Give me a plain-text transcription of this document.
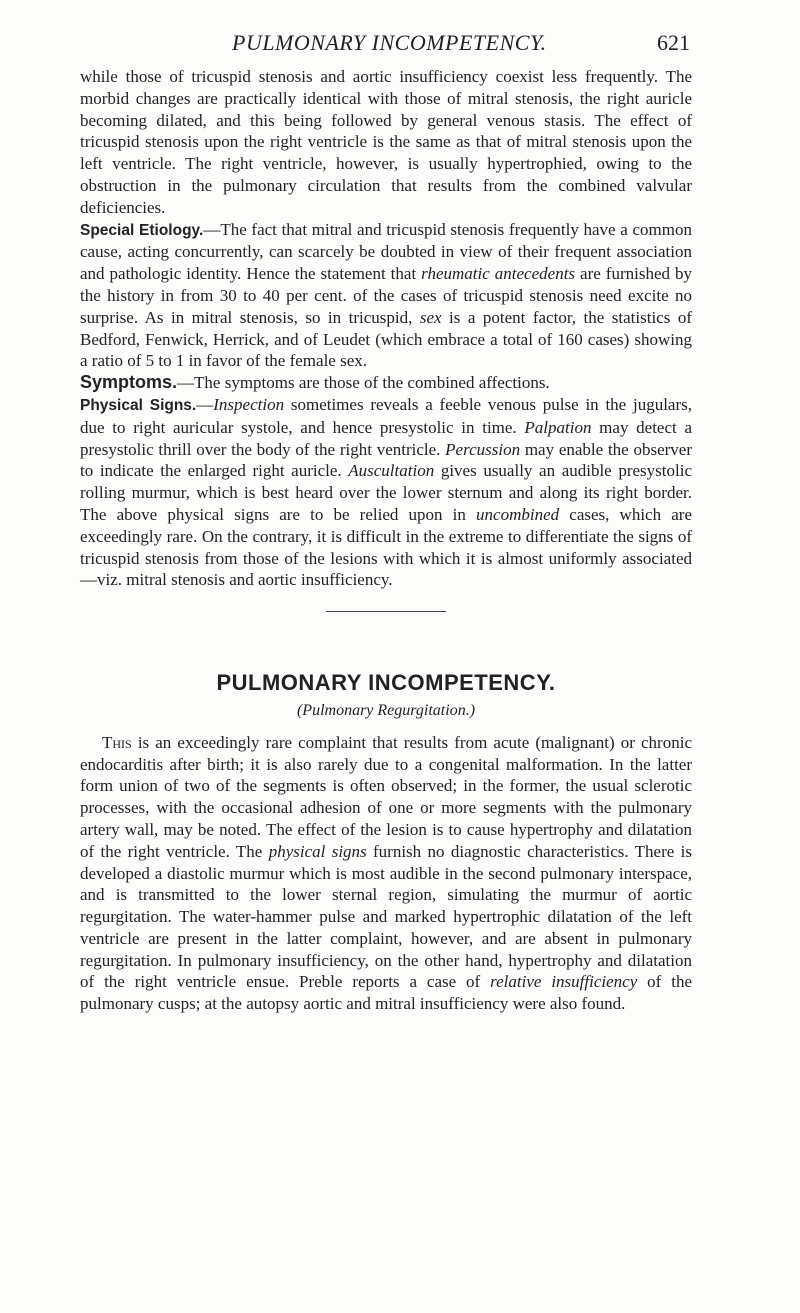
PULMONARY INCOMPETENCY.	621

while those of tricuspid stenosis and aortic insufficiency coexist less frequently. The morbid changes are practically identical with those of mitral stenosis, the right auricle becoming dilated, and this being followed by general venous stasis. The effect of tricuspid stenosis upon the right ventricle is the same as that of mitral stenosis upon the left ventricle. The right ventricle, however, is usually hypertrophied, owing to the obstruction in the pulmonary circulation that results from the combined valvular deficiencies.

Special Etiology.—The fact that mitral and tricuspid stenosis frequently have a common cause, acting concurrently, can scarcely be doubted in view of their frequent association and pathologic identity. Hence the statement that rheumatic antecedents are furnished by the history in from 30 to 40 per cent. of the cases of tricuspid stenosis need excite no surprise. As in mitral stenosis, so in tricuspid, sex is a potent factor, the statistics of Bedford, Fenwick, Herrick, and of Leudet (which embrace a total of 160 cases) showing a ratio of 5 to 1 in favor of the female sex.

Symptoms.—The symptoms are those of the combined affections.

Physical Signs.—Inspection sometimes reveals a feeble venous pulse in the jugulars, due to right auricular systole, and hence presystolic in time. Palpation may detect a presystolic thrill over the body of the right ventricle. Percussion may enable the observer to indicate the enlarged right auricle. Auscultation gives usually an audible presystolic rolling murmur, which is best heard over the lower sternum and along its right border. The above physical signs are to be relied upon in uncombined cases, which are exceedingly rare. On the contrary, it is difficult in the extreme to differentiate the signs of tricuspid stenosis from those of the lesions with which it is almost uniformly associated—viz. mitral stenosis and aortic insufficiency.

PULMONARY INCOMPETENCY.
(Pulmonary Regurgitation.)

This is an exceedingly rare complaint that results from acute (malignant) or chronic endocarditis after birth; it is also rarely due to a congenital malformation. In the latter form union of two of the segments is often observed; in the former, the usual sclerotic processes, with the occasional adhesion of one or more segments with the pulmonary artery wall, may be noted. The effect of the lesion is to cause hypertrophy and dilatation of the right ventricle. The physical signs furnish no diagnostic characteristics. There is developed a diastolic murmur which is most audible in the second pulmonary interspace, and is transmitted to the lower sternal region, simulating the murmur of aortic regurgitation. The water-hammer pulse and marked hypertrophic dilatation of the left ventricle are present in the latter complaint, however, and are absent in pulmonary regurgitation. In pulmonary insufficiency, on the other hand, hypertrophy and dilatation of the right ventricle ensue. Preble reports a case of relative insufficiency of the pulmonary cusps; at the autopsy aortic and mitral insufficiency were also found.
